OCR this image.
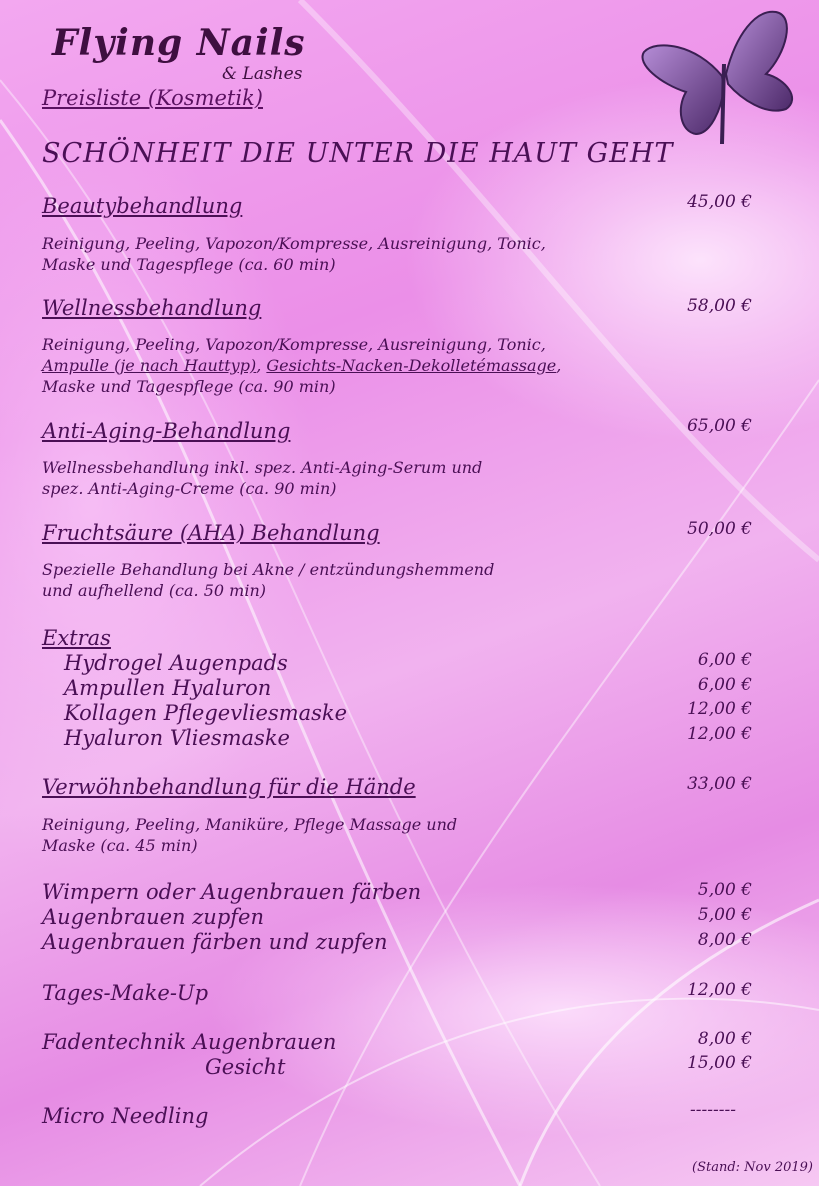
Flying Nails
& Lashes
Preisliste (Kosmetik)
SCHÖNHEIT DIE UNTER DIE HAUT GEHT
Beautybehandlung	45,00 €
Reinigung, Peeling, Vapozon/Kompresse, Ausreinigung, Tonic,
Maske und Tagespflege (ca. 60 min)
Wellnessbehandlung	58,00 €
Reinigung, Peeling, Vapozon/Kompresse, Ausreinigung, Tonic,
Ampulle (je nach Hauttyp), Gesichts-Nacken-Dekolletémassage,
Maske und Tagespflege (ca. 90 min)
Anti-Aging-Behandlung	65,00 €
Wellnessbehandlung inkl. spez. Anti-Aging-Serum und
spez. Anti-Aging-Creme (ca. 90 min)
Fruchtsäure (AHA) Behandlung	50,00 €
Spezielle Behandlung bei Akne / entzündungshemmend
und aufhellend (ca. 50 min)
Extras
Hydrogel Augenpads	6,00 €
Ampullen Hyaluron	6,00 €
Kollagen Pflegevliesmaske	12,00 €
Hyaluron Vliesmaske	12,00 €
Verwöhnbehandlung für die Hände	33,00 €
Reinigung, Peeling, Maniküre, Pflege Massage und
Maske (ca. 45 min)
Wimpern oder Augenbrauen färben	5,00 €
Augenbrauen zupfen	5,00 €
Augenbrauen färben und zupfen	8,00 €
Tages-Make-Up	12,00 €
Fadentechnik Augenbrauen	8,00 €
Gesicht	15,00 €
Micro Needling	--------
(Stand: Nov 2019)
